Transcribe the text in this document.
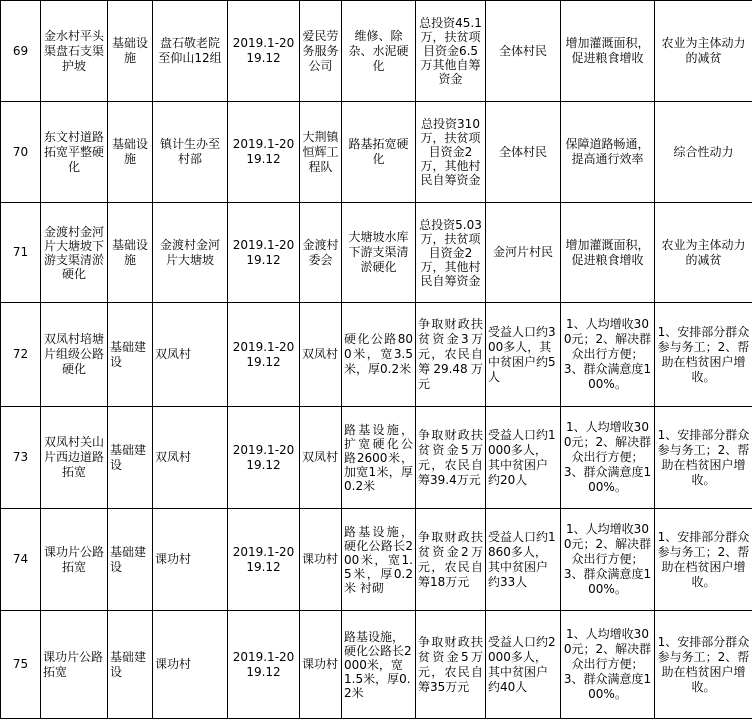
69	金水村平头渠盘石支渠护坡	基础设施	盘石敬老院至仰山12组	2019.1-2019.12	爱民劳务服务公司	维修、除杂、水泥硬化	总投资45.1万，扶贫项目资金6.5万其他自筹资金	全体村民	增加灌溉面积，促进粮食增收	农业为主体动力的减贫
70	东文村道路拓宽平整硬化	基础设施	镇计生办至村部	2019.1-2019.12	大荆镇恒辉工程队	路基拓宽硬化	总投资310万，扶贫项目资金2万，其他村民自筹资金	全体村民	保障道路畅通，提高通行效率	综合性动力
71	金渡村金河片大塘坡下游支渠清淤硬化	基础设施	金渡村金河片大塘坡	2019.1-2019.12	金渡村委会	大塘坡水库下游支渠清淤硬化	总投资5.03万，扶贫项目资金2万，其他村民自筹资金	金河片村民	增加灌溉面积，促进粮食增收	农业为主体动力的减贫
72	双凤村培塘片组级公路硬化	基础建设	双凤村	2019.1-2019.12	双凤村	硬化公路800米，宽3.5米，厚0.2米	争取财政扶贫资金3万元，农民自筹29.48万元	受益人口约300多人，其中贫困户约5人	1、人均增收300元；2、解决群众出行方便；3、群众满意度100%。	1、安排部分群众参与务工；2、帮助在档贫困户增收。
73	双凤村关山片西边道路拓宽	基础建设	双凤村	2019.1-2019.12	双凤村	路基设施，扩宽硬化公路2600米，加宽1米，厚0.2米	争取财政扶贫资金5万元，农民自筹39.4万元	受益人口约1000多人，其中贫困户约20人	1、人均增收300元；2、解决群众出行方便；3、群众满意度100%。	1、安排部分群众参与务工；2、帮助在档贫困户增收。
74	课功片公路拓宽	基础建设	课功村	2019.1-2019.12	课功村	路基设施，硬化公路长200米，宽1.5米，厚0.2米 衬砌	争取财政扶贫资金2万元，农民自筹18万元	受益人口约1860多人，其中贫困户约33人	1、人均增收300元；2、解决群众出行方便；3、群众满意度100%。	1、安排部分群众参与务工；2、帮助在档贫困户增收。
75	课功片公路拓宽	基础建设	课功村	2019.1-2019.12	课功村	路基设施，硬化公路长2000米，宽1.5米，厚0.2米	争取财政扶贫资金5万元，农民自筹35万元	受益人口约2000多人，其中贫困户约40人	1、人均增收300元；2、解决群众出行方便；3、群众满意度100%。	1、安排部分群众参与务工；2、帮助在档贫困户增收。
